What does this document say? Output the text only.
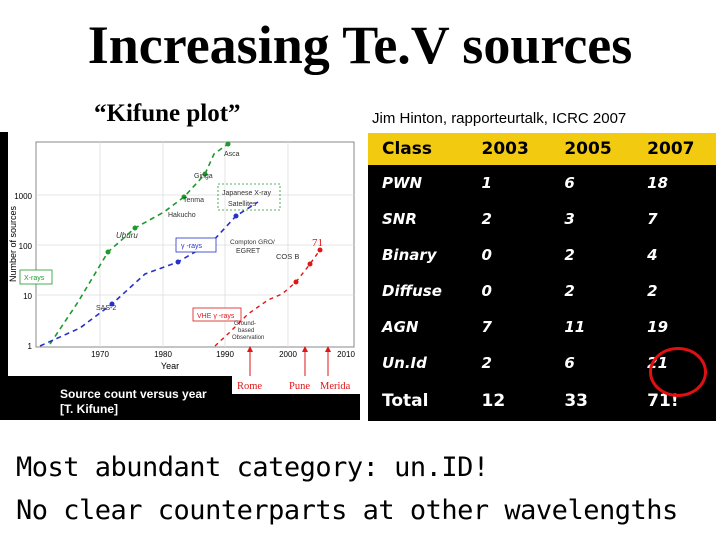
Increasing Te.V sources
“Kifune plot”	Jim Hinton, rapporteurtalk, ICRC 2007
1000
100
10
1
Number of sources
1970	1980	1990	2000	2010
Year
Asca
Ginga
Tenma
Hakucho
COS B
Japanese X-ray
Satellites
Uhuru
γ -rays
Compton GRO/
EGRET
X-rays
SAS-2
VHE γ -rays
Ground-
based
Observation
71
Rome	Pune Merida
Source count versus year
[T. Kifune]
Class	2003	2005	2007
PWN	1	6	18
SNR	2	3	7
Binary	0	2	4
Diffuse	0	2	2
AGN	7	11	19
Un.Id	2	6	21
Total	12	33	71!
Most abundant category: un.ID!
No clear counterparts at other wavelengths
